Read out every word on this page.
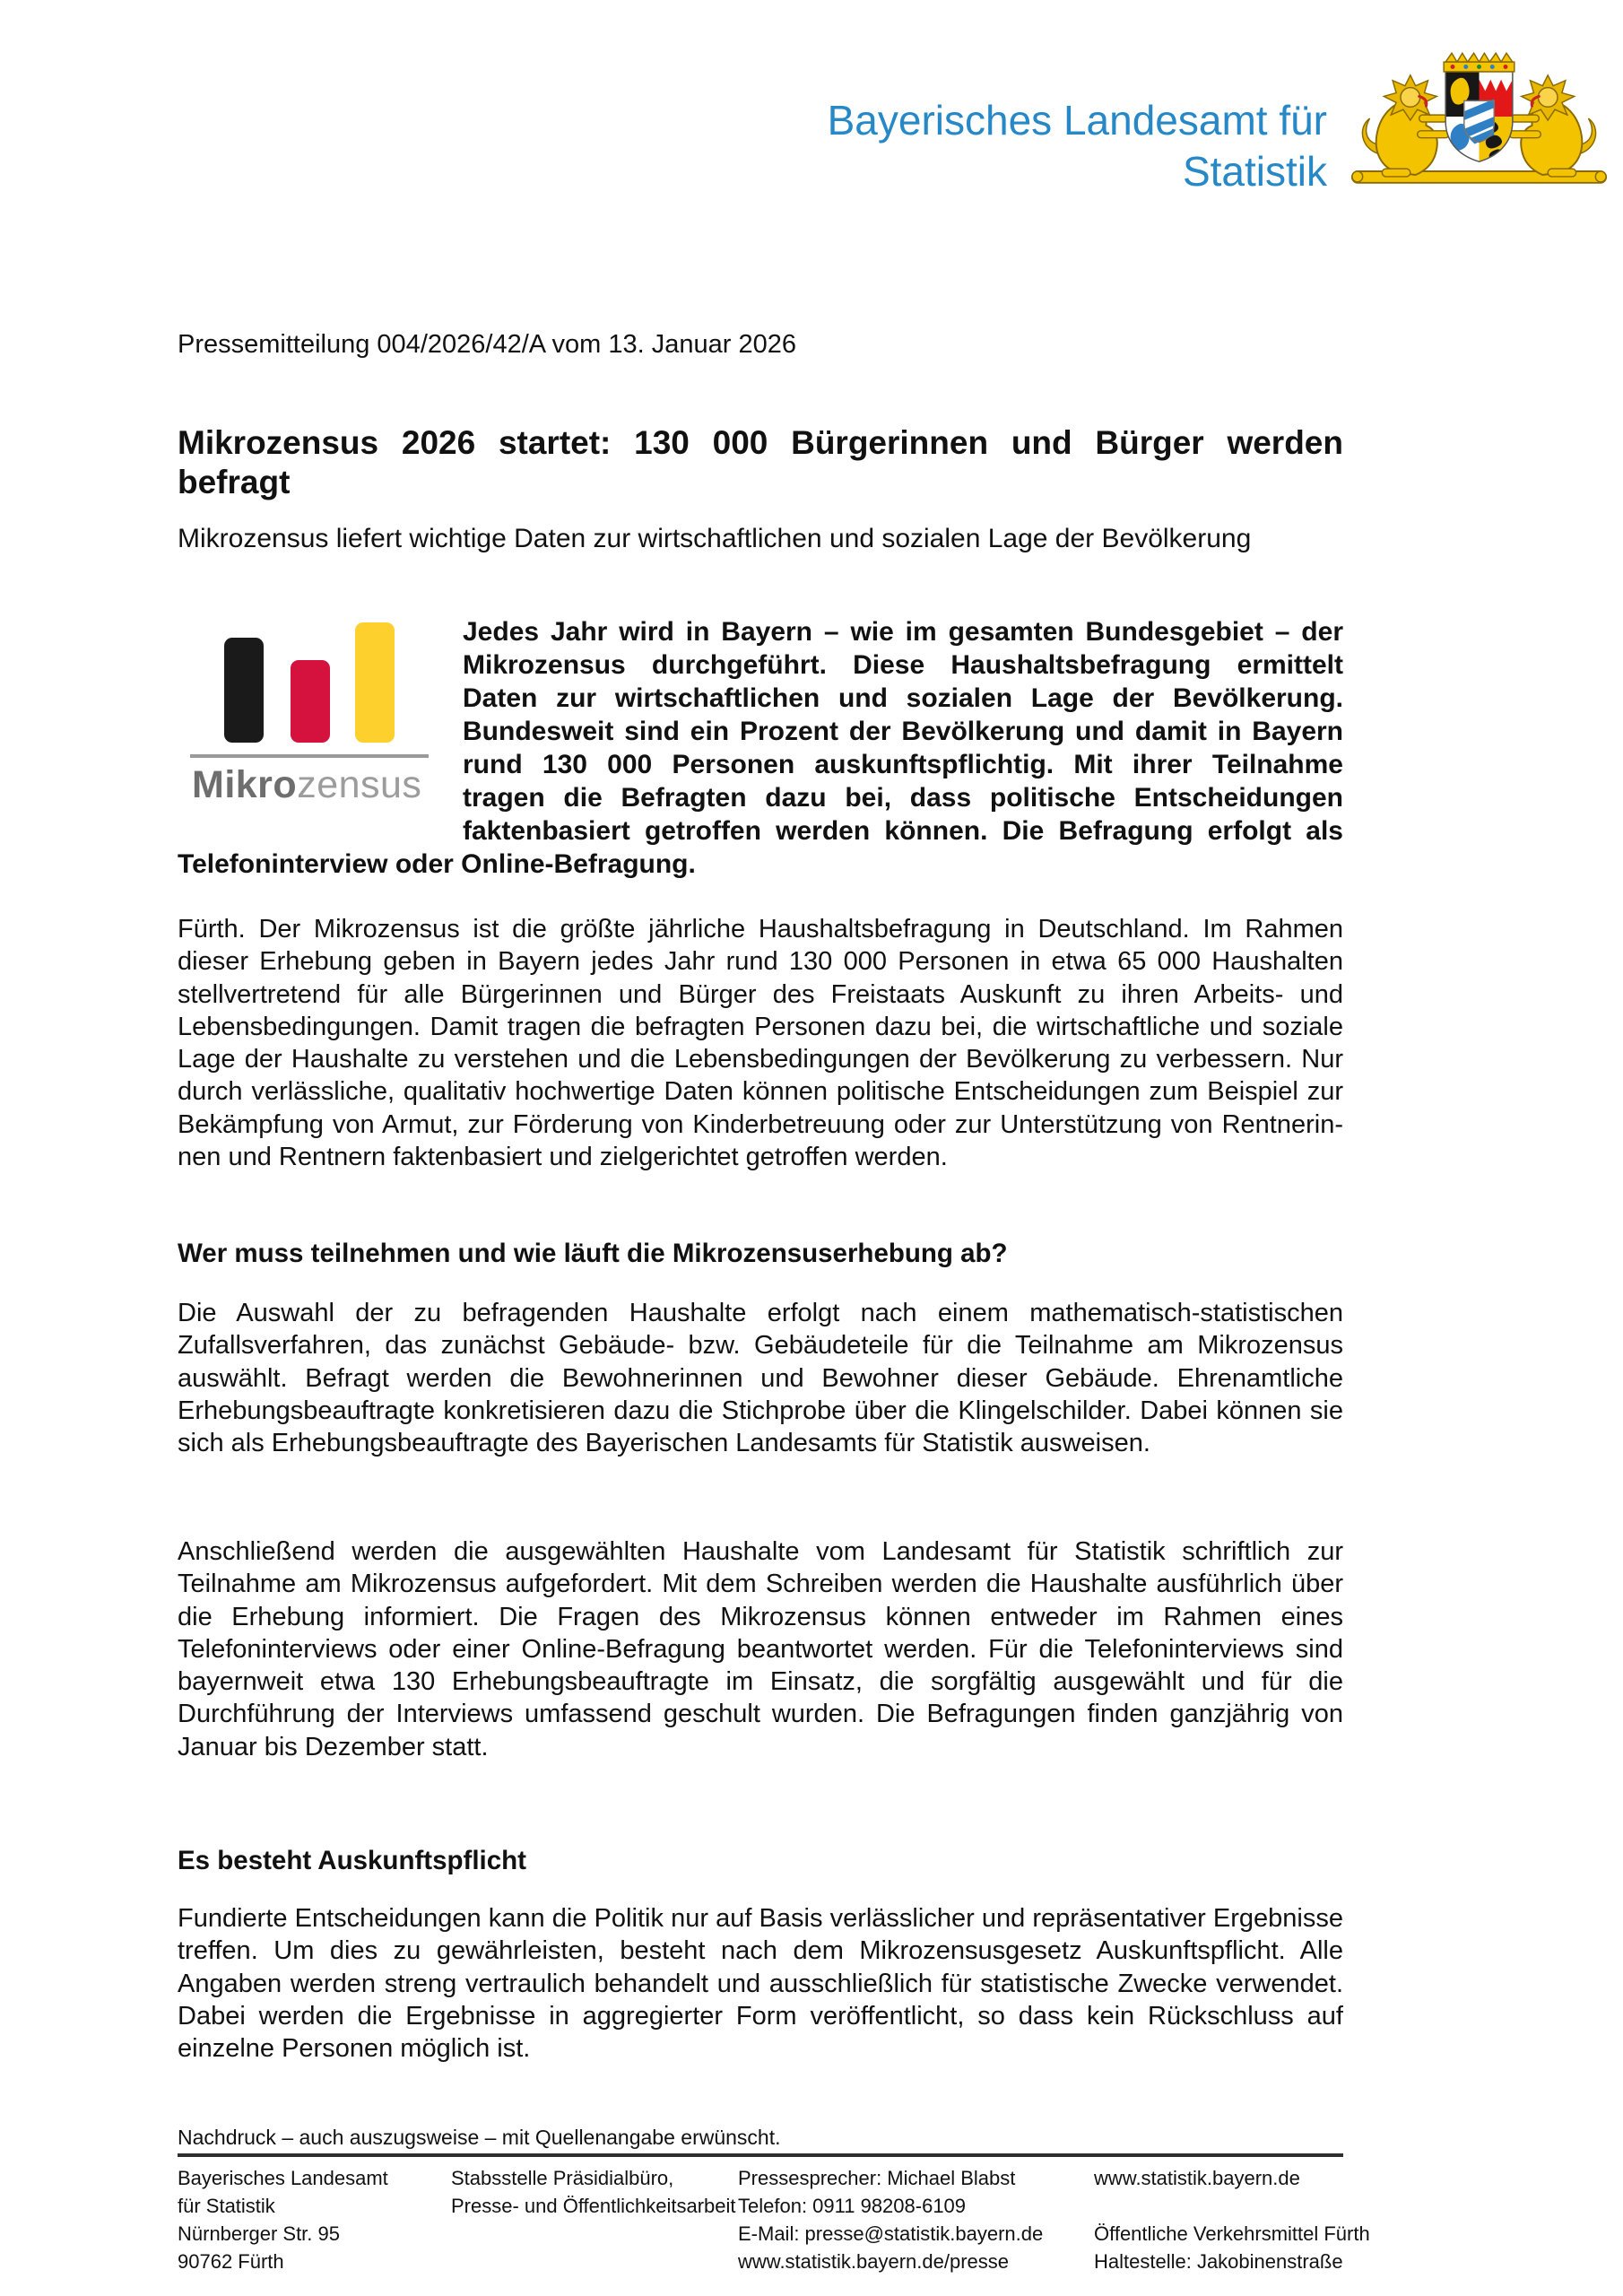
Bayerisches Landesamt für
Statistik
Pressemitteilung 004/2026/42/A vom 13. Januar 2026
Mikrozensus 2026 startet: 130 000 Bürgerinnen und Bürger werden befragt
Mikrozensus liefert wichtige Daten zur wirtschaftlichen und sozialen Lage der Bevölkerung
Mikrozensus
Jedes Jahr wird in Bayern – wie im gesamten Bundesgebiet – der Mikrozensus durchgeführt. Diese Haushaltsbefragung ermittelt Daten zur wirtschaftlichen und sozialen Lage der Bevölkerung. Bundesweit sind ein Prozent der Bevölkerung und damit in Bayern rund 130 000 Personen auskunftspflichtig. Mit ihrer Teilnahme tragen die Befragten dazu bei, dass politische Entscheidungen faktenbasiert getroffen werden können. Die Befragung erfolgt als Telefoninterview oder Online-Befragung.
Fürth. Der Mikrozensus ist die größte jährliche Haushaltsbefragung in Deutschland. Im Rahmen dieser Erhebung geben in Bayern jedes Jahr rund 130 000 Personen in etwa 65 000 Haushalten stellvertretend für alle Bürgerinnen und Bürger des Freistaats Auskunft zu ihren Arbeits- und Lebensbedingungen. Damit tragen die befragten Personen dazu bei, die wirtschaftliche und soziale Lage der Haushalte zu verstehen und die Lebensbedingungen der Bevölkerung zu verbessern. Nur durch verlässliche, qualitativ hochwertige Daten können politische Entscheidungen zum Beispiel zur Bekämpfung von Armut, zur Förderung von Kinderbetreuung oder zur Unterstützung von Rentnerinnen und Rentnern faktenbasiert und zielgerichtet getroffen werden.
Wer muss teilnehmen und wie läuft die Mikrozensuserhebung ab?
Die Auswahl der zu befragenden Haushalte erfolgt nach einem mathematisch-statistischen Zufallsverfahren, das zunächst Gebäude- bzw. Gebäudeteile für die Teilnahme am Mikrozensus auswählt. Befragt werden die Bewohnerinnen und Bewohner dieser Gebäude. Ehrenamtliche Erhebungsbeauftragte konkretisieren dazu die Stichprobe über die Klingelschilder. Dabei können sie sich als Erhebungsbeauftragte des Bayerischen Landesamts für Statistik ausweisen.
Anschließend werden die ausgewählten Haushalte vom Landesamt für Statistik schriftlich zur Teilnahme am Mikrozensus aufgefordert. Mit dem Schreiben werden die Haushalte ausführlich über die Erhebung informiert. Die Fragen des Mikrozensus können entweder im Rahmen eines Telefoninterviews oder einer Online-Befragung beantwortet werden. Für die Telefoninterviews sind bayernweit etwa 130 Erhebungsbeauftragte im Einsatz, die sorgfältig ausgewählt und für die Durchführung der Interviews umfassend geschult wurden. Die Befragungen finden ganzjährig von Januar bis Dezember statt.
Es besteht Auskunftspflicht
Fundierte Entscheidungen kann die Politik nur auf Basis verlässlicher und repräsentativer Ergebnisse treffen. Um dies zu gewährleisten, besteht nach dem Mikrozensusgesetz Auskunftspflicht. Alle Angaben werden streng vertraulich behandelt und ausschließlich für statistische Zwecke verwendet. Dabei werden die Ergebnisse in aggregierter Form veröffentlicht, so dass kein Rückschluss auf einzelne Personen möglich ist.
Nachdruck – auch auszugsweise – mit Quellenangabe erwünscht.
Bayerisches Landesamt
für Statistik
Nürnberger Str. 95
90762 Fürth
Stabsstelle Präsidialbüro,
Presse- und Öffentlichkeitsarbeit
Pressesprecher: Michael Blabst
Telefon: 0911 98208-6109
E-Mail: presse@statistik.bayern.de
www.statistik.bayern.de/presse
www.statistik.bayern.de
Öffentliche Verkehrsmittel Fürth
Haltestelle: Jakobinenstraße
